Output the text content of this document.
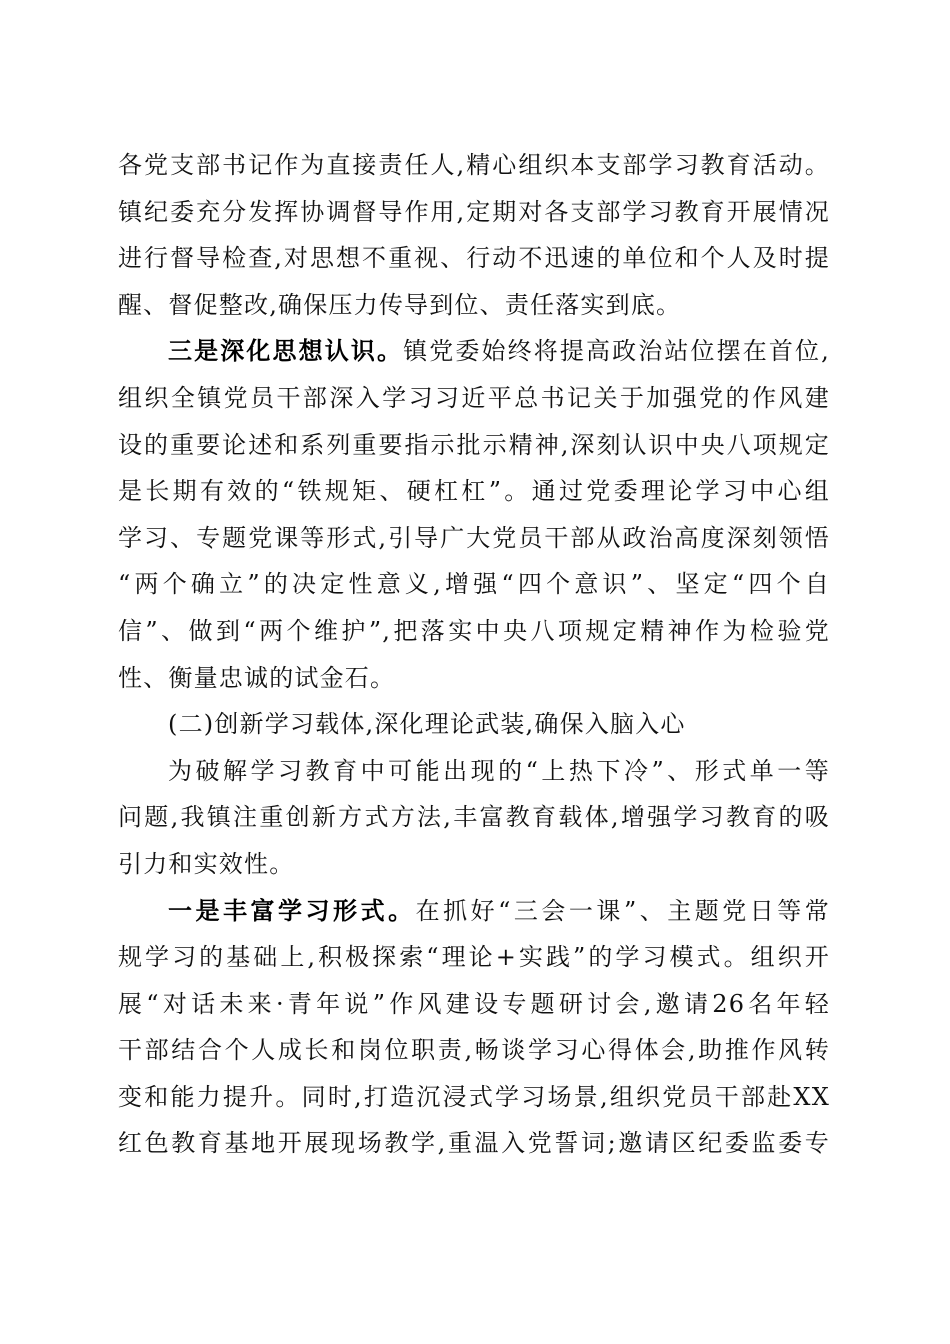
各党支部书记作为直接责任人,精心组织本支部学习教育活动。
镇纪委充分发挥协调督导作用,定期对各支部学习教育开展情况
进行督导检查,对思想不重视、行动不迅速的单位和个人及时提
醒、督促整改,确保压力传导到位、责任落实到底。
三是深化思想认识。镇党委始终将提高政治站位摆在首位,
组织全镇党员干部深入学习习近平总书记关于加强党的作风建
设的重要论述和系列重要指示批示精神,深刻认识中央八项规定
是长期有效的“铁规矩、硬杠杠”。通过党委理论学习中心组
学习、专题党课等形式,引导广大党员干部从政治高度深刻领悟
“两个确立”的决定性意义,增强“四个意识”、坚定“四个自
信”、做到“两个维护”,把落实中央八项规定精神作为检验党
性、衡量忠诚的试金石。
(二)创新学习载体,深化理论武装,确保入脑入心
为破解学习教育中可能出现的“上热下冷”、形式单一等
问题,我镇注重创新方式方法,丰富教育载体,增强学习教育的吸
引力和实效性。
一是丰富学习形式。在抓好“三会一课”、主题党日等常
规学习的基础上,积极探索“理论+实践”的学习模式。组织开
展“对话未来·青年说”作风建设专题研讨会,邀请26名年轻
干部结合个人成长和岗位职责,畅谈学习心得体会,助推作风转
变和能力提升。同时,打造沉浸式学习场景,组织党员干部赴XX
红色教育基地开展现场教学,重温入党誓词;邀请区纪委监委专
